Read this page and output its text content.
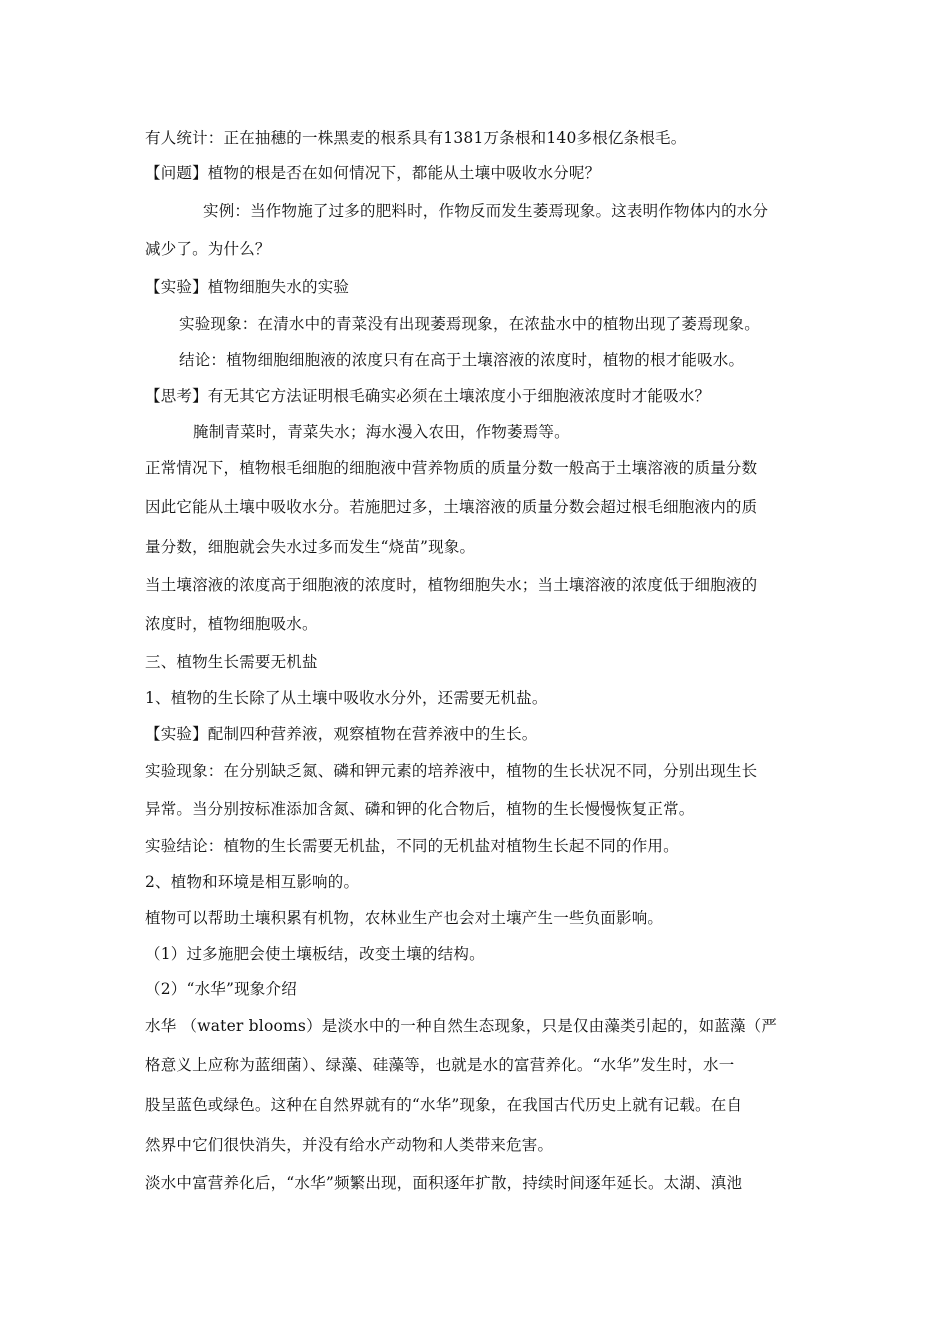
有人统计：正在抽穗的一株黑麦的根系具有1381万条根和140多根亿条根毛。
【问题】植物的根是否在如何情况下，都能从土壤中吸收水分呢？
实例：当作物施了过多的肥料时，作物反而发生萎焉现象。这表明作物体内的水分
减少了。为什么？
【实验】植物细胞失水的实验
实验现象：在清水中的青菜没有出现萎焉现象，在浓盐水中的植物出现了萎焉现象。
结论：植物细胞细胞液的浓度只有在高于土壤溶液的浓度时，植物的根才能吸水。
【思考】有无其它方法证明根毛确实必须在土壤浓度小于细胞液浓度时才能吸水？
腌制青菜时，青菜失水；海水漫入农田，作物萎焉等。
正常情况下，植物根毛细胞的细胞液中营养物质的质量分数一般高于土壤溶液的质量分数
因此它能从土壤中吸收水分。若施肥过多，土壤溶液的质量分数会超过根毛细胞液内的质
量分数，细胞就会失水过多而发生“烧苗”现象。
当土壤溶液的浓度高于细胞液的浓度时，植物细胞失水；当土壤溶液的浓度低于细胞液的
浓度时，植物细胞吸水。
三、植物生长需要无机盐
1、植物的生长除了从土壤中吸收水分外，还需要无机盐。
【实验】配制四种营养液，观察植物在营养液中的生长。
实验现象：在分别缺乏氮、磷和钾元素的培养液中，植物的生长状况不同，分别出现生长
异常。当分别按标准添加含氮、磷和钾的化合物后，植物的生长慢慢恢复正常。
实验结论：植物的生长需要无机盐，不同的无机盐对植物生长起不同的作用。
2、植物和环境是相互影响的。
植物可以帮助土壤积累有机物，农林业生产也会对土壤产生一些负面影响。
（1）过多施肥会使土壤板结，改变土壤的结构。
（2）“水华”现象介绍
水华 （water blooms）是淡水中的一种自然生态现象，只是仅由藻类引起的，如蓝藻（严
格意义上应称为蓝细菌）、绿藻、硅藻等，也就是水的富营养化。“水华”发生时，水一
股呈蓝色或绿色。这种在自然界就有的“水华”现象，在我国古代历史上就有记载。在自
然界中它们很快消失，并没有给水产动物和人类带来危害。
淡水中富营养化后，“水华”频繁出现，面积逐年扩散，持续时间逐年延长。太湖、滇池
